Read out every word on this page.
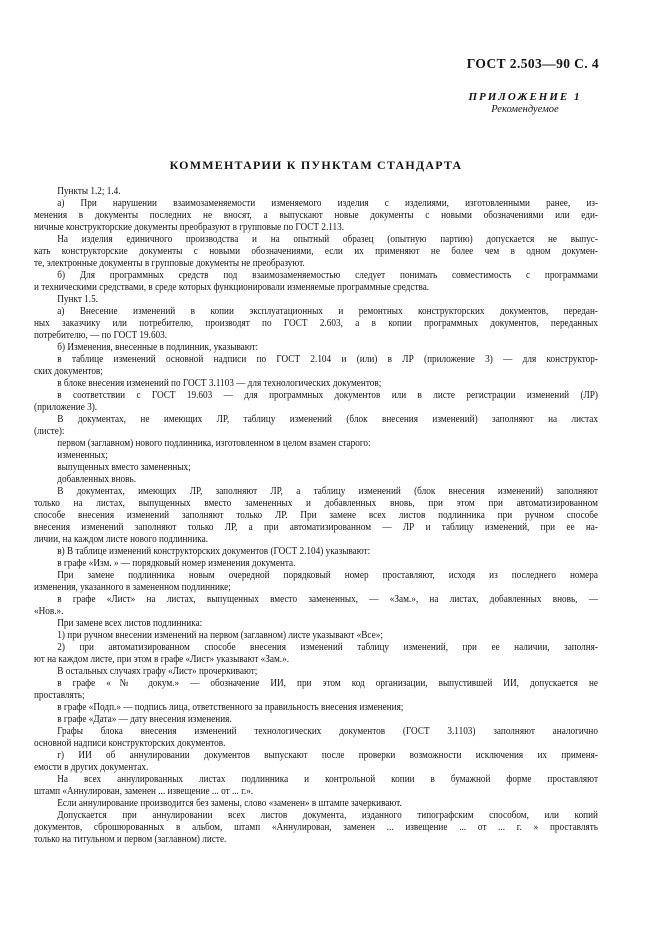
ГОСТ 2.503—90 С. 4
ПРИЛОЖЕНИЕ 1
Рекомендуемое
КОММЕНТАРИИ К ПУНКТАМ СТАНДАРТА
Пункты 1.2; 1.4.
а) При нарушении взаимозаменяемости изменяемого изделия с изделиями, изготовленными ранее, из-
менения в документы последних не вносят, а выпускают новые документы с новыми обозначениями или еди-
ничные конструкторские документы преобразуют в групповые по ГОСТ 2.113.
На изделия единичного производства и на опытный образец (опытную партию) допускается не выпус-
кать конструкторские документы с новыми обозначениями, если их применяют не более чем в одном докумен-
те, электронные документы в групповые документы не преобразуют.
б) Для программных средств под взаимозаменяемостью следует понимать совместимость с программами
и техническими средствами, в среде которых функционировали изменяемые программные средства.
Пункт 1.5.
а) Внесение изменений в копии эксплуатационных и ремонтных конструкторских документов, передан-
ных заказчику или потребителю, производят по ГОСТ 2.603, а в копии программных документов, переданных
потребителю, — по ГОСТ 19.603.
б) Изменения, внесенные в подлинник, указывают:
в таблице изменений основной надписи по ГОСТ 2.104 и (или) в ЛР (приложение 3) — для конструктор-
ских документов;
в блоке внесения изменений по ГОСТ 3.1103 — для технологических документов;
в соответствии с ГОСТ 19.603 — для программных документов или в листе регистрации изменений (ЛР)
(приложение 3).
В документах, не имеющих ЛР, таблицу изменений (блок внесения изменений) заполняют на листах
(листе):
первом (заглавном) нового подлинника, изготовленном в целом взамен старого:
измененных;
выпущенных вместо замененных;
добавленных вновь.
В документах, имеющих ЛР, заполняют ЛР, а таблицу изменений (блок внесения изменений) заполняют
только на листах, выпущенных вместо замененных и добавленных вновь, при этом при автоматизированном
способе внесения изменений заполняют только ЛР. При замене всех листов подлинника при ручном способе
внесения изменений заполняют только ЛР, а при автоматизированном — ЛР и таблицу изменений, при ее на-
личии, на каждом листе нового подлинника.
в) В таблице изменений конструкторских документов (ГОСТ 2.104) указывают:
в графе «Изм. » — порядковый номер изменения документа.
При замене подлинника новым очередной порядковый номер проставляют, исходя из последнего номера
изменения, указанного в замененном подлиннике;
в графе «Лист» на листах, выпущенных вместо замененных, — «Зам.», на листах, добавленных вновь, —
«Нов.».
При замене всех листов подлинника:
1) при ручном внесении изменений на первом (заглавном) листе указывают «Все»;
2) при автоматизированном способе внесения изменений таблицу изменений, при ее наличии, заполня-
ют на каждом листе, при этом в графе «Лист» указывают «Зам.».
В остальных случаях графу «Лист» прочеркивают;
в графе «№ докум.» — обозначение ИИ, при этом код организации, выпустившей ИИ, допускается не
проставлять;
в графе «Подп.» — подпись лица, ответственного за правильность внесения изменения;
в графе «Дата» — дату внесения изменения.
Графы блока внесения изменений технологических документов (ГОСТ 3.1103) заполняют аналогично
основной надписи конструкторских документов.
г) ИИ об аннулировании документов выпускают после проверки возможности исключения их применя-
емости в других документах.
На всех аннулированных листах подлинника и контрольной копии в бумажной форме проставляют
штамп «Аннулирован, заменен ... извещение ... от ... г.».
Если аннулирование производится без замены, слово «заменен» в штампе зачеркивают.
Допускается при аннулировании всех листов документа, изданного типографским способом, или копий
документов, сброшюрованных в альбом, штамп «Аннулирован, заменен ... извещение ... от ... г. » проставлять
только на титульном и первом (заглавном) листе.
